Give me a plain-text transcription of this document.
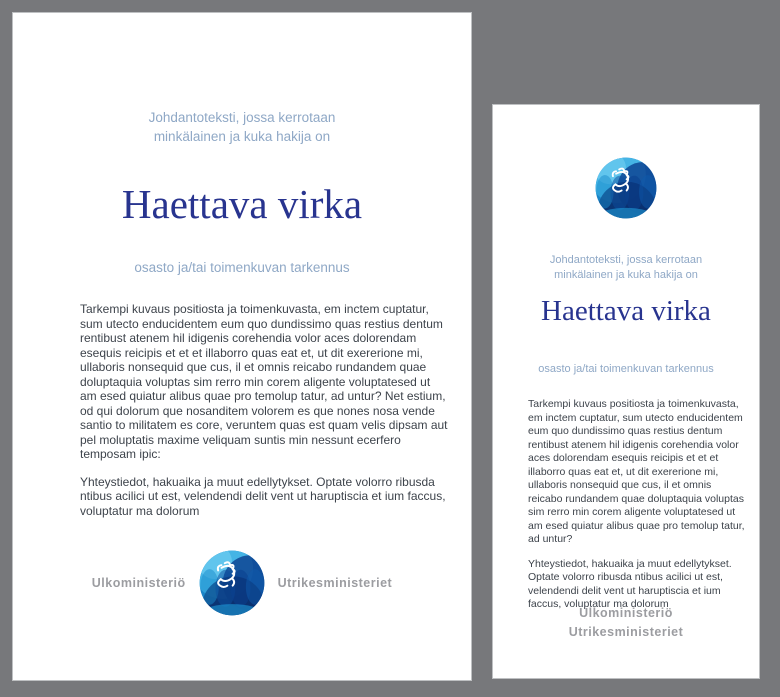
Johdantoteksti, jossa kerrotaan minkälainen ja kuka hakija on
Haettava virka
osasto ja/tai toimenkuvan tarkennus

Tarkempi kuvaus positiosta ja toimenkuvasta, em inctem cuptatur, sum utecto enducidentem eum quo dundissimo quas restius dentum rentibust atenem hil idigenis corehendia volor aces dolorendam esequis reicipis et et et illaborro quas eat et, ut dit exererione mi, ullaboris nonsequid que cus, il et omnis reicabo rundandem quae doluptaquia voluptas sim rerro min corem aligente voluptatesed ut am esed quiatur alibus quae pro temolup tatur, ad untur? Net estium, od qui dolorum que nosanditem volorem es que nones nosa vende santio to militatem es core, veruntem quas est quam velis dipsam aut pel moluptatis maxime veliquam suntis min nessunt ecerfero temposam ipic:

Yhteystiedot, hakuaika ja muut edellytykset. Optate volorro ribusda ntibus acilici ut est, velendendi delit vent ut haruptiscia et ium faccus, voluptatur ma dolorum

Ulkoministeriö	Utrikesministeriet
Johdantoteksti, jossa kerrotaan minkälainen ja kuka hakija on
Haettava virka
osasto ja/tai toimenkuvan tarkennus

Tarkempi kuvaus positiosta ja toimenkuvasta, em inctem cuptatur, sum utecto enducidentem eum quo dundissimo quas restius dentum rentibust atenem hil idigenis corehendia volor aces dolorendam esequis reicipis et et et illaborro quas eat et, ut dit exererione mi, ullaboris nonsequid que cus, il et omnis reicabo rundandem quae doluptaquia voluptas sim rerro min corem aligente voluptatesed ut am esed quiatur alibus quae pro temolup tatur, ad untur?

Yhteystiedot, hakuaika ja muut edellytykset. Optate volorro ribusda ntibus acilici ut est, velendendi delit vent ut haruptiscia et ium faccus, voluptatur ma dolorum

Ulkoministeriö
Utrikesministeriet
